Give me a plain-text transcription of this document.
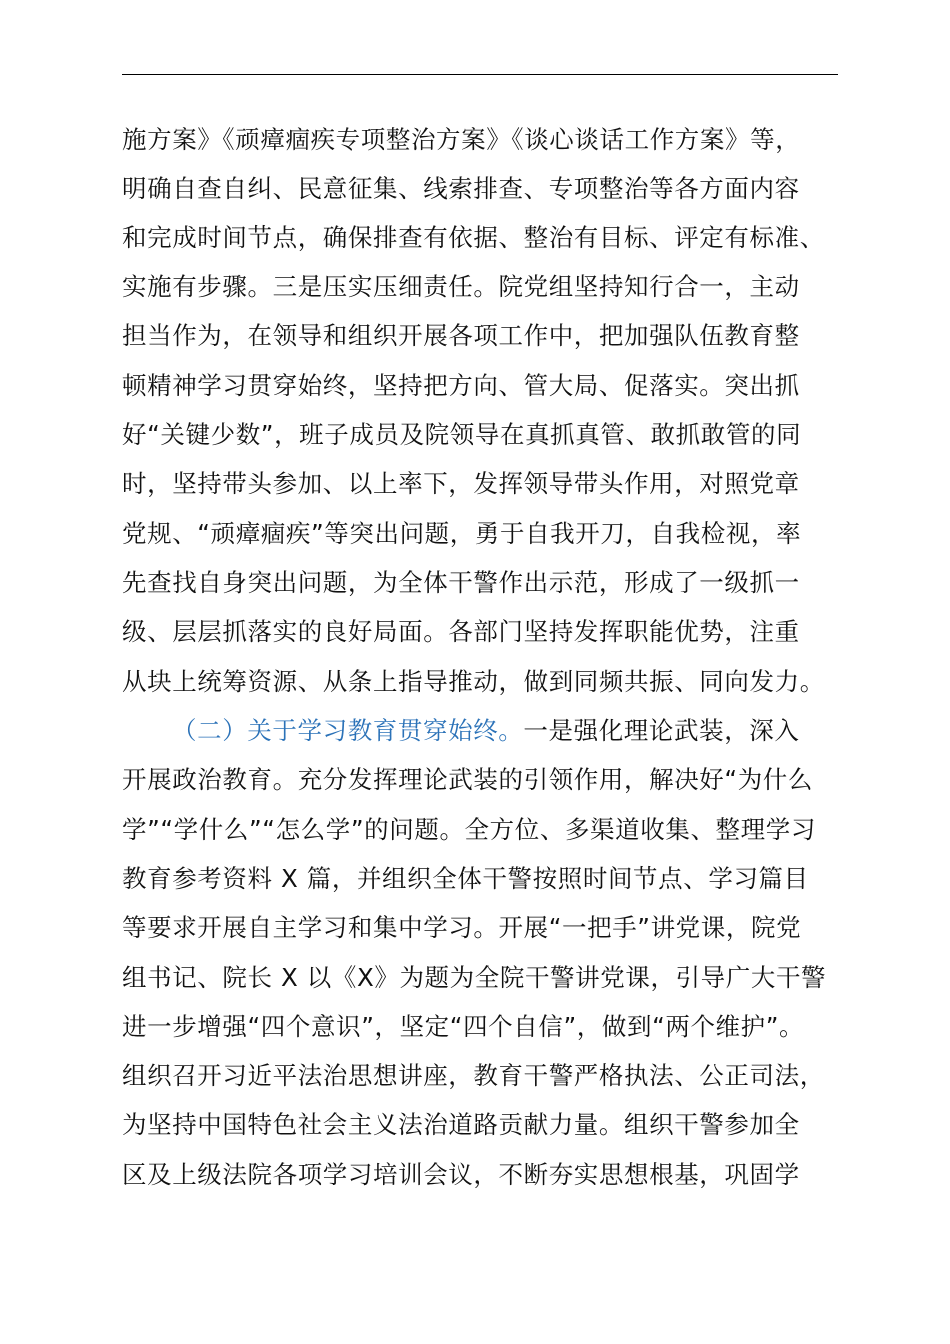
施方案》《顽瘴痼疾专项整治方案》《谈心谈话工作方案》等，
明确自查自纠、民意征集、线索排查、专项整治等各方面内容
和完成时间节点，确保排查有依据、整治有目标、评定有标准、
实施有步骤。三是压实压细责任。院党组坚持知行合一，主动
担当作为，在领导和组织开展各项工作中，把加强队伍教育整
顿精神学习贯穿始终，坚持把方向、管大局、促落实。突出抓
好“关键少数”，班子成员及院领导在真抓真管、敢抓敢管的同
时，坚持带头参加、以上率下，发挥领导带头作用，对照党章
党规、“顽瘴痼疾”等突出问题，勇于自我开刀，自我检视，率
先查找自身突出问题，为全体干警作出示范，形成了一级抓一
级、层层抓落实的良好局面。各部门坚持发挥职能优势，注重
从块上统筹资源、从条上指导推动，做到同频共振、同向发力。
（二）关于学习教育贯穿始终。一是强化理论武装，深入
开展政治教育。充分发挥理论武装的引领作用，解决好“为什么
学”“学什么”“怎么学”的问题。全方位、多渠道收集、整理学习
教育参考资料 X 篇，并组织全体干警按照时间节点、学习篇目
等要求开展自主学习和集中学习。开展“一把手”讲党课，院党
组书记、院长 X 以《X》为题为全院干警讲党课，引导广大干警
进一步增强“四个意识”，坚定“四个自信”，做到“两个维护”。
组织召开习近平法治思想讲座，教育干警严格执法、公正司法，
为坚持中国特色社会主义法治道路贡献力量。组织干警参加全
区及上级法院各项学习培训会议，不断夯实思想根基，巩固学
